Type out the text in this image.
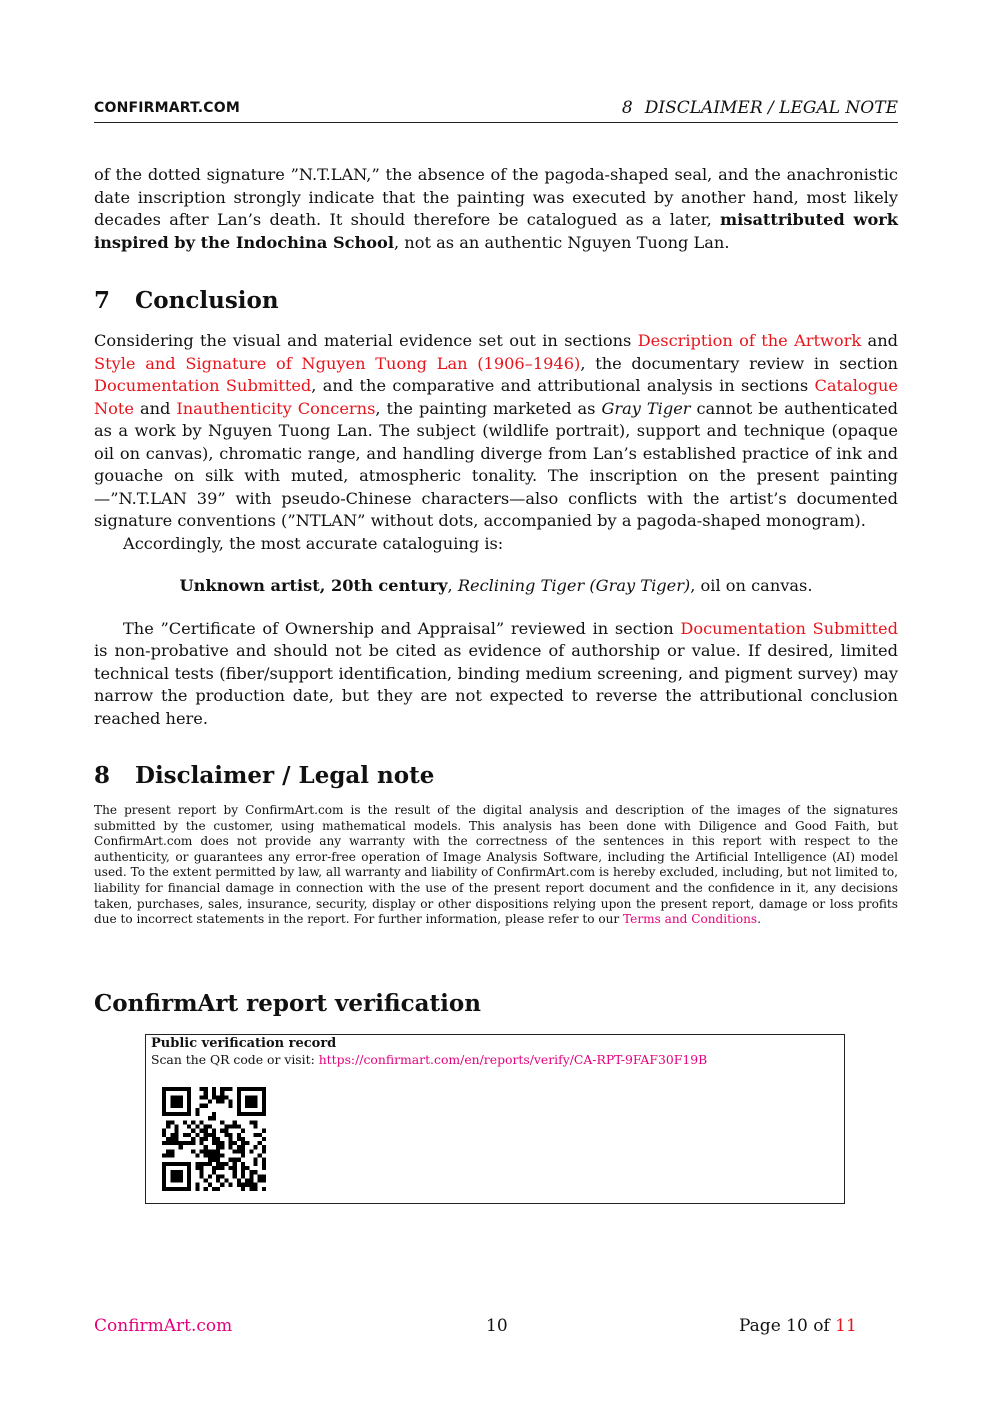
CONFIRMART.COM	8 DISCLAIMER / LEGAL NOTE

of the dotted signature ”N.T.LAN,” the absence of the pagoda-shaped seal, and the anachronistic date inscription strongly indicate that the painting was executed by another hand, most likely decades after Lan’s death. It should therefore be catalogued as a later, misattributed work inspired by the Indochina School, not as an authentic Nguyen Tuong Lan.

7 Conclusion

Considering the visual and material evidence set out in sections Description of the Artwork and Style and Signature of Nguyen Tuong Lan (1906–1946), the documentary review in section Documentation Submitted, and the comparative and attributional analysis in sections Catalogue Note and Inauthenticity Concerns, the painting marketed as Gray Tiger cannot be authenticated as a work by Nguyen Tuong Lan. The subject (wildlife portrait), support and technique (opaque oil on canvas), chromatic range, and handling diverge from Lan’s established practice of ink and gouache on silk with muted, atmospheric tonality. The inscription on the present painting—”N.T.LAN 39” with pseudo-Chinese characters—also conflicts with the artist’s documented signature conventions (”NTLAN” without dots, accompanied by a pagoda-shaped monogram).

Accordingly, the most accurate cataloguing is:

Unknown artist, 20th century, Reclining Tiger (Gray Tiger), oil on canvas.

The ”Certificate of Ownership and Appraisal” reviewed in section Documentation Submitted is non-probative and should not be cited as evidence of authorship or value. If desired, limited technical tests (fiber/support identification, binding medium screening, and pigment survey) may narrow the production date, but they are not expected to reverse the attributional conclusion reached here.

8 Disclaimer / Legal note

The present report by ConfirmArt.com is the result of the digital analysis and description of the images of the signatures submitted by the customer, using mathematical models. This analysis has been done with Diligence and Good Faith, but ConfirmArt.com does not provide any warranty with the correctness of the sentences in this report with respect to the authenticity, or guarantees any error-free operation of Image Analysis Software, including the Artificial Intelligence (AI) model used. To the extent permitted by law, all warranty and liability of ConfirmArt.com is hereby excluded, including, but not limited to, liability for financial damage in connection with the use of the present report document and the confidence in it, any decisions taken, purchases, sales, insurance, security, display or other dispositions relying upon the present report, damage or loss profits due to incorrect statements in the report. For further information, please refer to our Terms and Conditions.

ConfirmArt report verification
Public verification record
Scan the QR code or visit: https://confirmart.com/en/reports/verify/CA-RPT-9FAF30F19B
ConfirmArt.com	10	Page 10 of 11
